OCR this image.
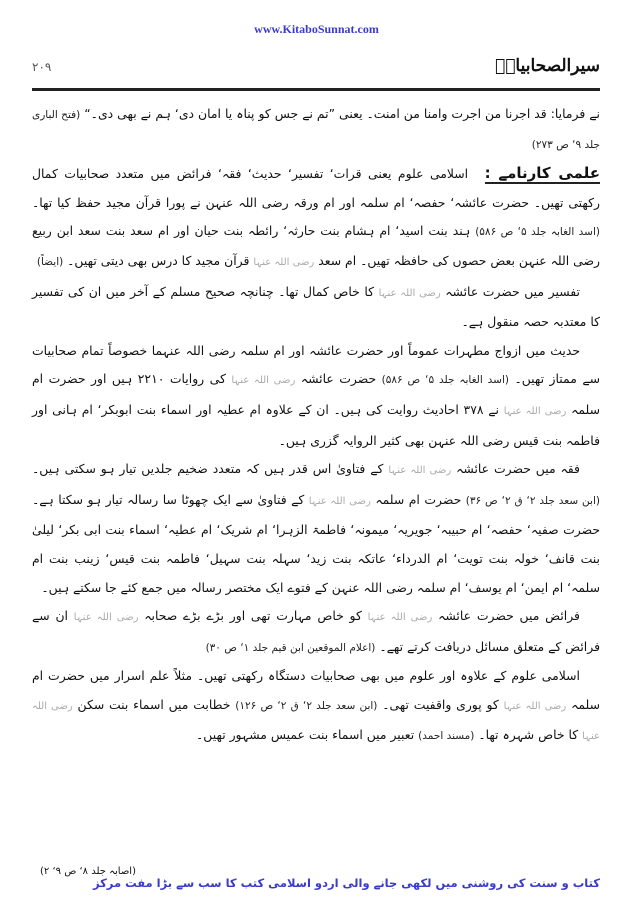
www.KitaboSunnat.com
سیرالصحابیاتؓ
۲۰۹

نے فرمایا: قد اجرنا من اجرت وامنا من امنت۔ یعنی ”تم نے جس کو پناہ یا امان دی‘ ہم نے بھی دی۔“ (فتح الباری جلد ۹‘ ص ۲۷۳)

علمی کارنامے : اسلامی علوم یعنی قرات‘ تفسیر‘ حدیث‘ فقہ‘ فرائض میں متعدد صحابیات کمال رکھتی تھیں۔ حضرت عائشہ‘ حفصہ‘ ام سلمہ اور ام ورقہ رضی اللہ عنہن نے پورا قرآن مجید حفظ کیا تھا۔ (اسد الغابہ جلد ۵‘ ص ۵۸۶) ہند بنت اسید‘ ام ہشام بنت حارثہ‘ رائطہ بنت حیان اور ام سعد بنت سعد ابن ربیع رضی اللہ عنہن بعض حصوں کی حافظہ تھیں۔ ام سعد رضی اللہ عنہا قرآن مجید کا درس بھی دیتی تھیں۔ (ایضاً)

تفسیر میں حضرت عائشہ رضی اللہ عنہا کا خاص کمال تھا۔ چنانچہ صحیح مسلم کے آخر میں ان کی تفسیر کا معتدبہ حصہ منقول ہے۔

حدیث میں ازواج مطہرات عموماً اور حضرت عائشہ اور ام سلمہ رضی اللہ عنہما خصوصاً تمام صحابیات سے ممتاز تھیں۔ (اسد الغابہ جلد ۵‘ ص ۵۸۶) حضرت عائشہ رضی اللہ عنہا کی روایات ۲۲۱۰ ہیں اور حضرت ام سلمہ رضی اللہ عنہا نے ۳۷۸ احادیث روایت کی ہیں۔ ان کے علاوہ ام عطیہ اور اسماء بنت ابوبکر‘ ام ہانی اور فاطمہ بنت قیس رضی اللہ عنہن بھی کثیر الروایہ گزری ہیں۔

فقہ میں حضرت عائشہ رضی اللہ عنہا کے فتاویٰ اس قدر ہیں کہ متعدد ضخیم جلدیں تیار ہو سکتی ہیں۔ (ابن سعد جلد ۲‘ ق ۲‘ ص ۳۶) حضرت ام سلمہ رضی اللہ عنہا کے فتاویٰ سے ایک چھوٹا سا رسالہ تیار ہو سکتا ہے۔ حضرت صفیہ‘ حفصہ‘ ام حبیبہ‘ جویریہ‘ میمونہ‘ فاطمۃ الزہرا‘ ام شریک‘ ام عطیہ‘ اسماء بنت ابی بکر‘ لیلیٰ بنت قانف‘ خولہ بنت تویت‘ ام الدرداء‘ عاتکہ بنت زید‘ سہلہ بنت سہیل‘ فاطمہ بنت قیس‘ زینب بنت ام سلمہ‘ ام ایمن‘ ام یوسف‘ ام سلمہ رضی اللہ عنہن کے فتوے ایک مختصر رسالہ میں جمع کئے جا سکتے ہیں۔

فرائض میں حضرت عائشہ رضی اللہ عنہا کو خاص مہارت تھی اور بڑے بڑے صحابہ رضی اللہ عنہا ان سے فرائض کے متعلق مسائل دریافت کرتے تھے۔ (اعلام الموقعین ابن قیم جلد ۱‘ ص ۳۰)

اسلامی علوم کے علاوہ اور علوم میں بھی صحابیات دستگاہ رکھتی تھیں۔ مثلاً علم اسرار میں حضرت ام سلمہ رضی اللہ عنہا کو پوری واقفیت تھی۔ (ابن سعد جلد ۲‘ ق ۲‘ ص ۱۲۶) خطابت میں اسماء بنت سکن رضی اللہ عنہا کا خاص شہرہ تھا۔ (مسند احمد) تعبیر میں اسماء بنت عمیس مشہور تھیں۔

(اصابہ جلد ۸‘ ص ۹‘ ۲)
کتاب و سنت کی روشنی میں لکھی جانے والی اردو اسلامی کتب کا سب سے بڑا مفت مرکز
